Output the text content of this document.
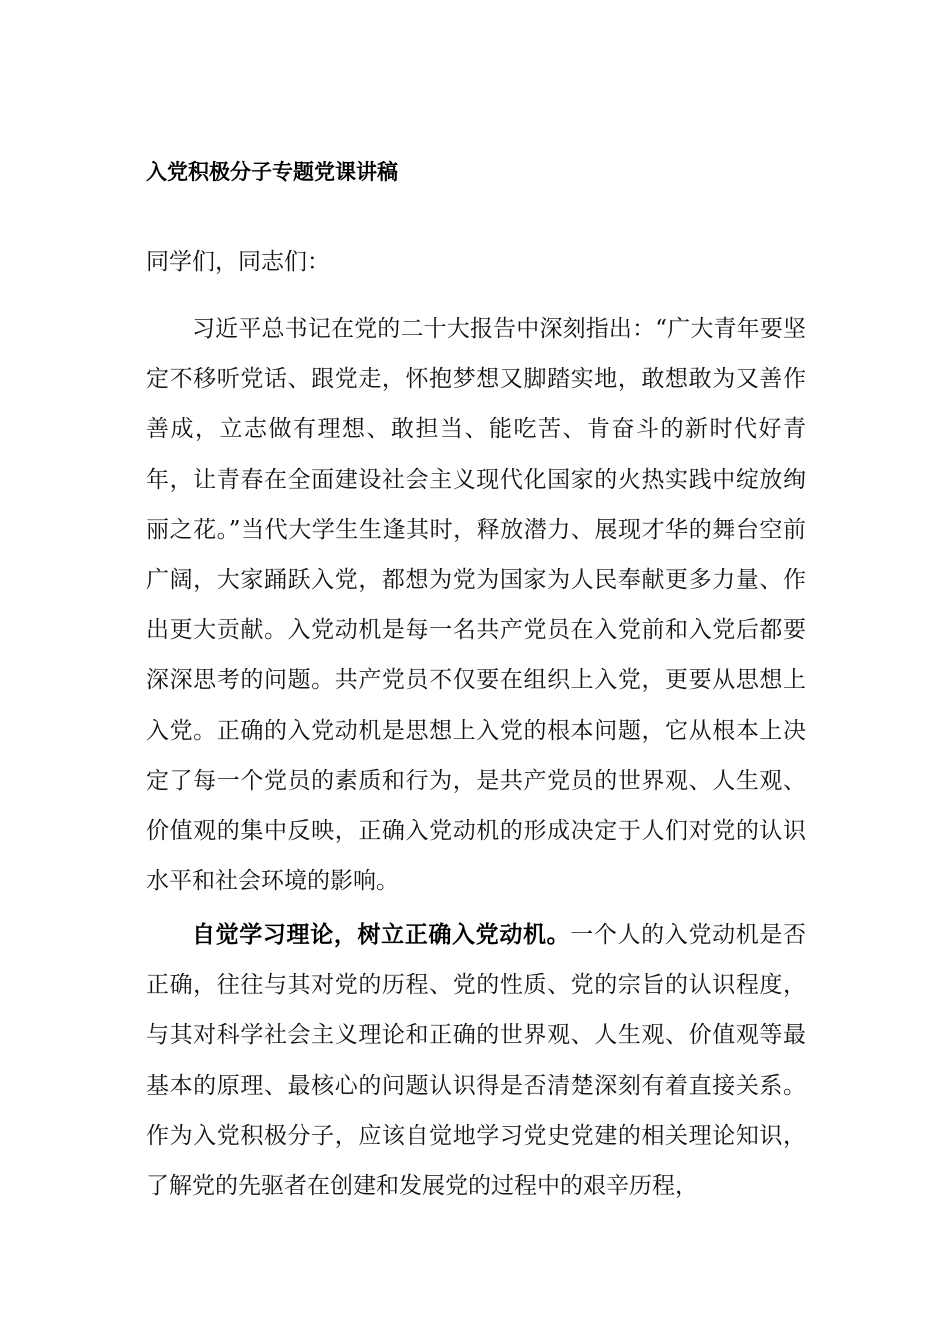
入党积极分子专题党课讲稿
同学们，同志们：

习近平总书记在党的二十大报告中深刻指出：“广大青年要坚定不移听党话、跟党走，怀抱梦想又脚踏实地，敢想敢为又善作善成，立志做有理想、敢担当、能吃苦、肯奋斗的新时代好青年，让青春在全面建设社会主义现代化国家的火热实践中绽放绚丽之花。”当代大学生生逢其时，释放潜力、展现才华的舞台空前广阔，大家踊跃入党，都想为党为国家为人民奉献更多力量、作出更大贡献。入党动机是每一名共产党员在入党前和入党后都要深深思考的问题。共产党员不仅要在组织上入党，更要从思想上入党。正确的入党动机是思想上入党的根本问题，它从根本上决定了每一个党员的素质和行为，是共产党员的世界观、人生观、价值观的集中反映，正确入党动机的形成决定于人们对党的认识水平和社会环境的影响。

自觉学习理论，树立正确入党动机。一个人的入党动机是否正确，往往与其对党的历程、党的性质、党的宗旨的认识程度，与其对科学社会主义理论和正确的世界观、人生观、价值观等最基本的原理、最核心的问题认识得是否清楚深刻有着直接关系。作为入党积极分子，应该自觉地学习党史党建的相关理论知识，了解党的先驱者在创建和发展党的过程中的艰辛历程，
